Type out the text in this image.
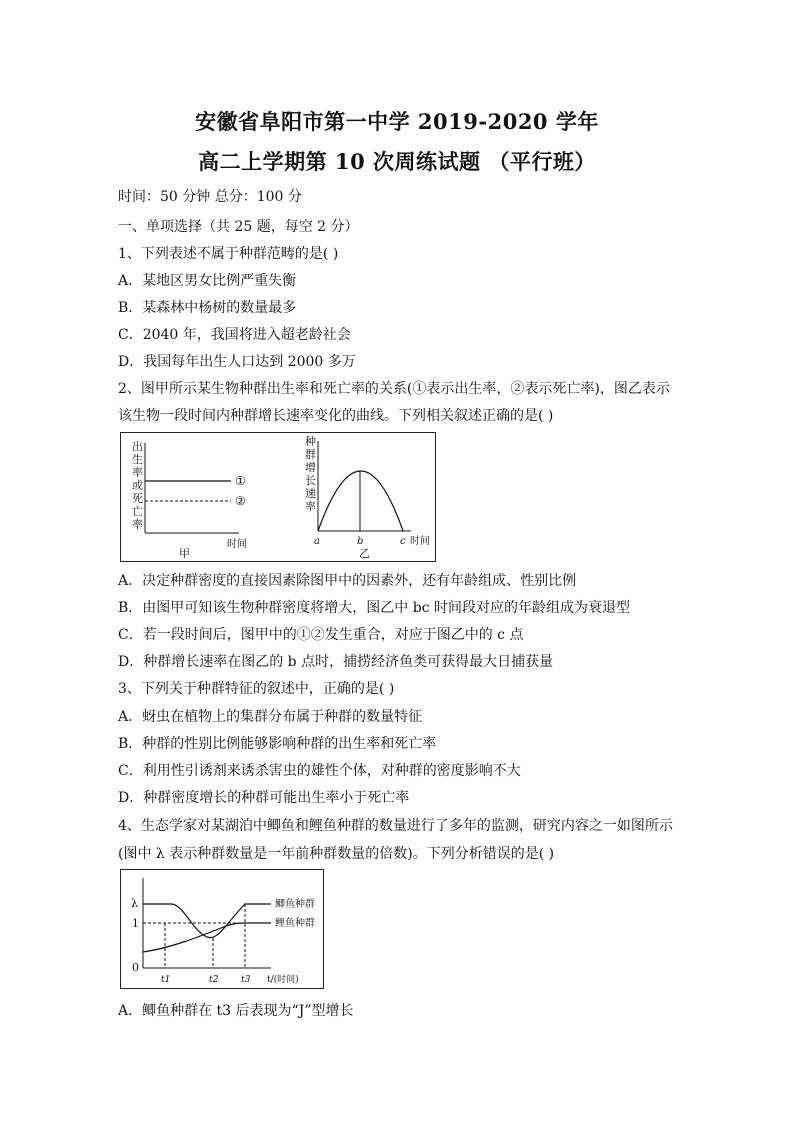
安徽省阜阳市第一中学 2019-2020 学年
高二上学期第 10 次周练试题 （平行班）
时间：50 分钟 总分：100 分
一、单项选择（共 25 题，每空 2 分）
1、下列表述不属于种群范畴的是( )
A．某地区男女比例严重失衡
B．某森林中杨树的数量最多
C．2040 年，我国将进入超老龄社会
D．我国每年出生人口达到 2000 多万
2、图甲所示某生物种群出生率和死亡率的关系(①表示出生率，②表示死亡率)，图乙表示
该生物一段时间内种群增长速率变化的曲线。下列相关叙述正确的是( )
出
生
率
或
死
亡
率
①
②
时间
甲
种
群
增
长
速
率
a	b	c 时间
乙
A．决定种群密度的直接因素除图甲中的因素外，还有年龄组成、性别比例
B．由图甲可知该生物种群密度将增大，图乙中 bc 时间段对应的年龄组成为衰退型
C．若一段时间后，图甲中的①②发生重合，对应于图乙中的 c 点
D．种群增长速率在图乙的 b 点时，捕捞经济鱼类可获得最大日捕获量
3、下列关于种群特征的叙述中，正确的是( )
A．蚜虫在植物上的集群分布属于种群的数量特征
B．种群的性别比例能够影响种群的出生率和死亡率
C．利用性引诱剂来诱杀害虫的雄性个体，对种群的密度影响不大
D．种群密度增长的种群可能出生率小于死亡率
4、生态学家对某湖泊中鲫鱼和鲤鱼种群的数量进行了多年的监测，研究内容之一如图所示
(图中 λ 表示种群数量是一年前种群数量的倍数)。下列分析错误的是( )
λ
1
0
鲫鱼种群
鲤鱼种群
t1	t2	t3 t/(时间)
A．鲫鱼种群在 t3 后表现为“J”型增长
